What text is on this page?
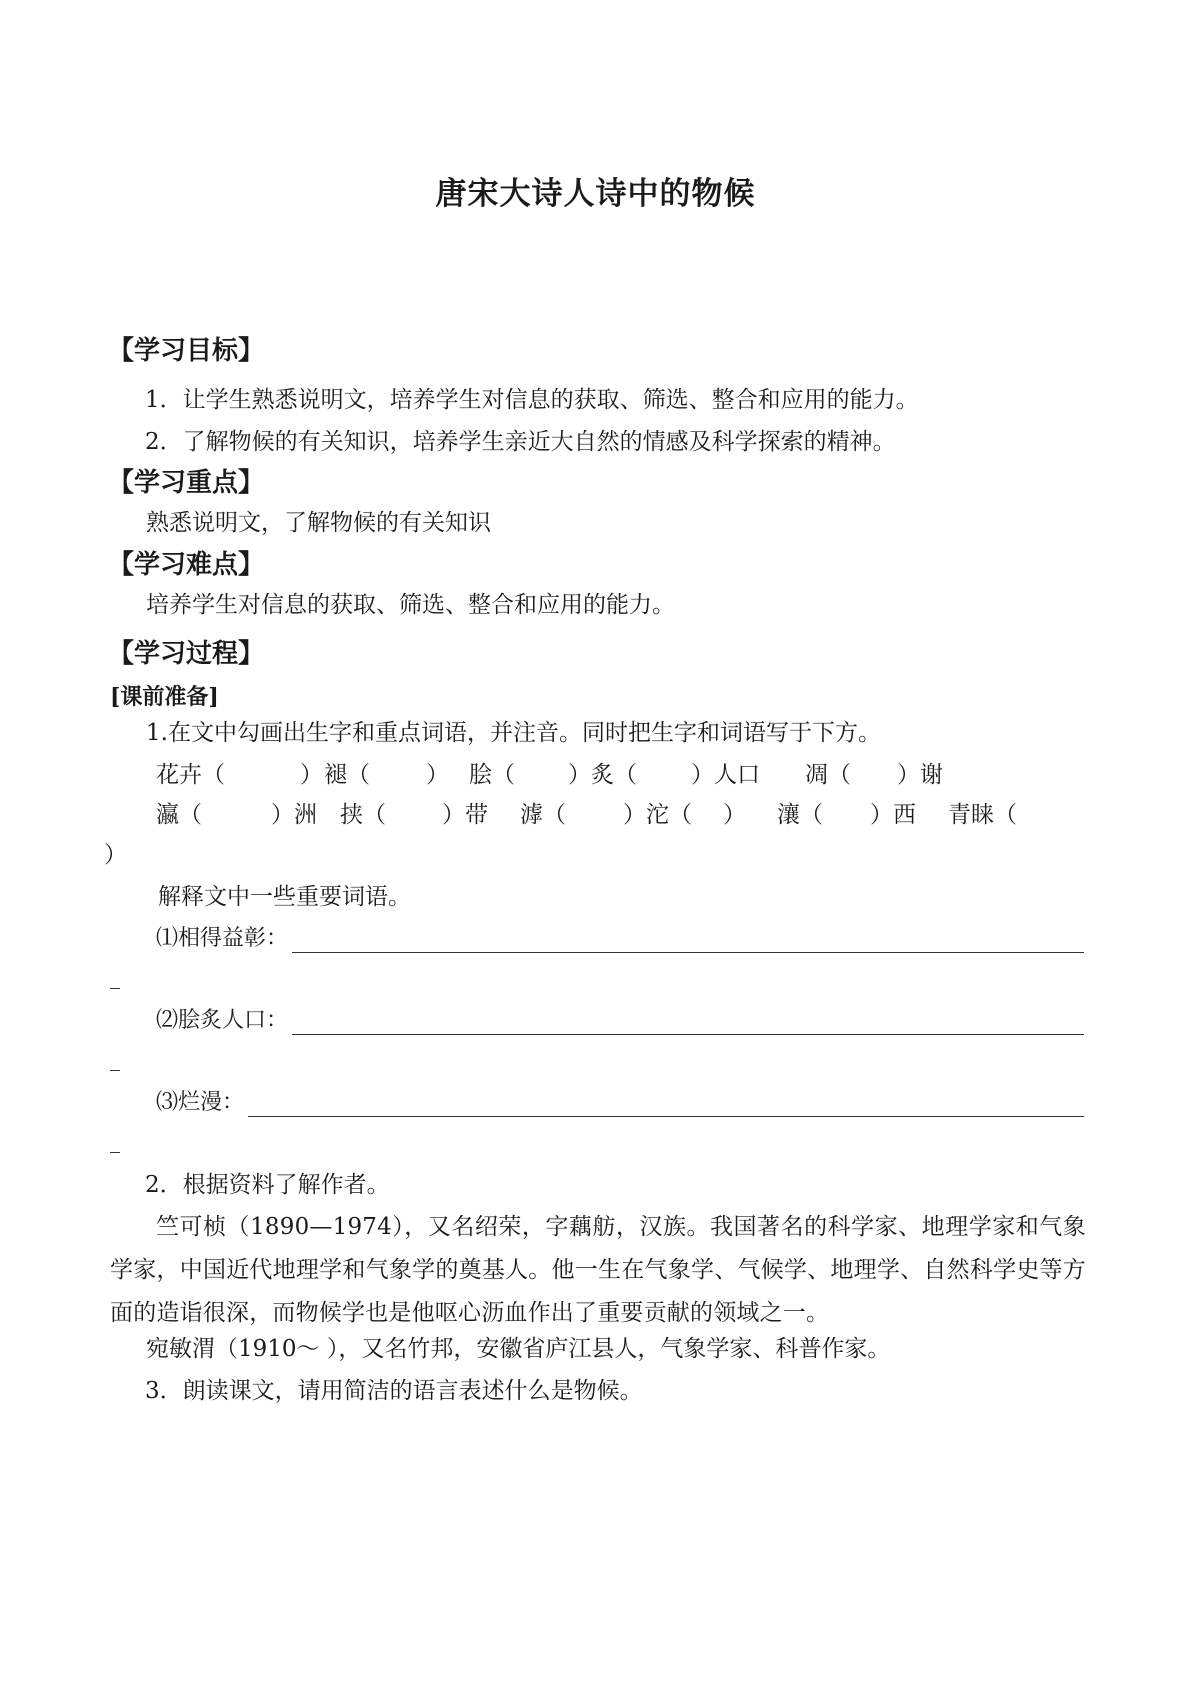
唐宋大诗人诗中的物候
【学习目标】
1．让学生熟悉说明文，培养学生对信息的获取、筛选、整合和应用的能力。
2．了解物候的有关知识，培养学生亲近大自然的情感及科学探索的精神。
【学习重点】
熟悉说明文，了解物候的有关知识
【学习难点】
培养学生对信息的获取、筛选、整合和应用的能力。
【学习过程】
[课前准备]
1.在文中勾画出生字和重点词语，并注音。同时把生字和词语写于下方。
花卉（	） 褪（ ） 脍（ ）炙（ ）人口 凋（ ）谢
瀛（	）洲 挟（ ）带 滹（ ）沱（ ） 瀼（ ）西 青睐（
）
解释文中一些重要词语。
⑴相得益彰：
⑵脍炙人口：
⑶烂漫：
2．根据资料了解作者。
竺可桢（1890—1974），又名绍荣，字藕舫，汉族。我国著名的科学家、地理学家和气象学家，中国近代地理学和气象学的奠基人。他一生在气象学、气候学、地理学、自然科学史等方面的造诣很深，而物候学也是他呕心沥血作出了重要贡献的领域之一。
宛敏渭（1910～ ），又名竹邦，安徽省庐江县人，气象学家、科普作家。
3．朗读课文，请用简洁的语言表述什么是物候。
